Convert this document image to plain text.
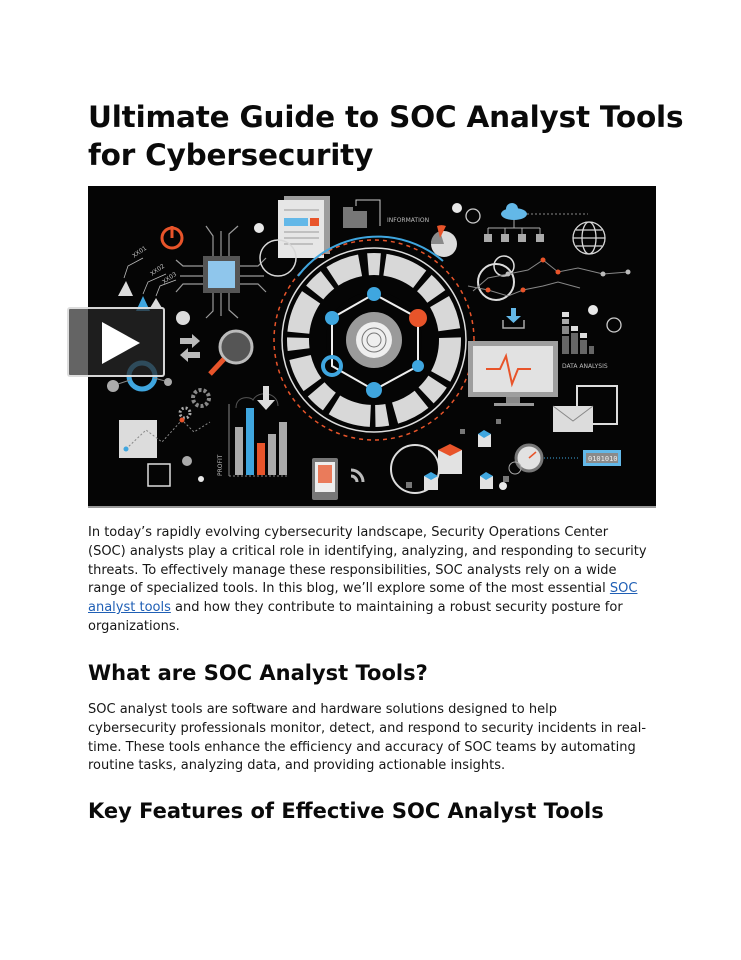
Ultimate Guide to SOC Analyst Tools for Cybersecurity
XX01
XX02
XX03
INFORMATION
DATA ANALYSIS
PROFIT	0101010

In today’s rapidly evolving cybersecurity landscape, Security Operations Center (SOC) analysts play a critical role in identifying, analyzing, and responding to security threats. To effectively manage these responsibilities, SOC analysts rely on a wide range of specialized tools. In this blog, we’ll explore some of the most essential SOC analyst tools and how they contribute to maintaining a robust security posture for organizations.

What are SOC Analyst Tools?

SOC analyst tools are software and hardware solutions designed to help cybersecurity professionals monitor, detect, and respond to security incidents in real-time. These tools enhance the efficiency and accuracy of SOC teams by automating routine tasks, analyzing data, and providing actionable insights.

Key Features of Effective SOC Analyst Tools
